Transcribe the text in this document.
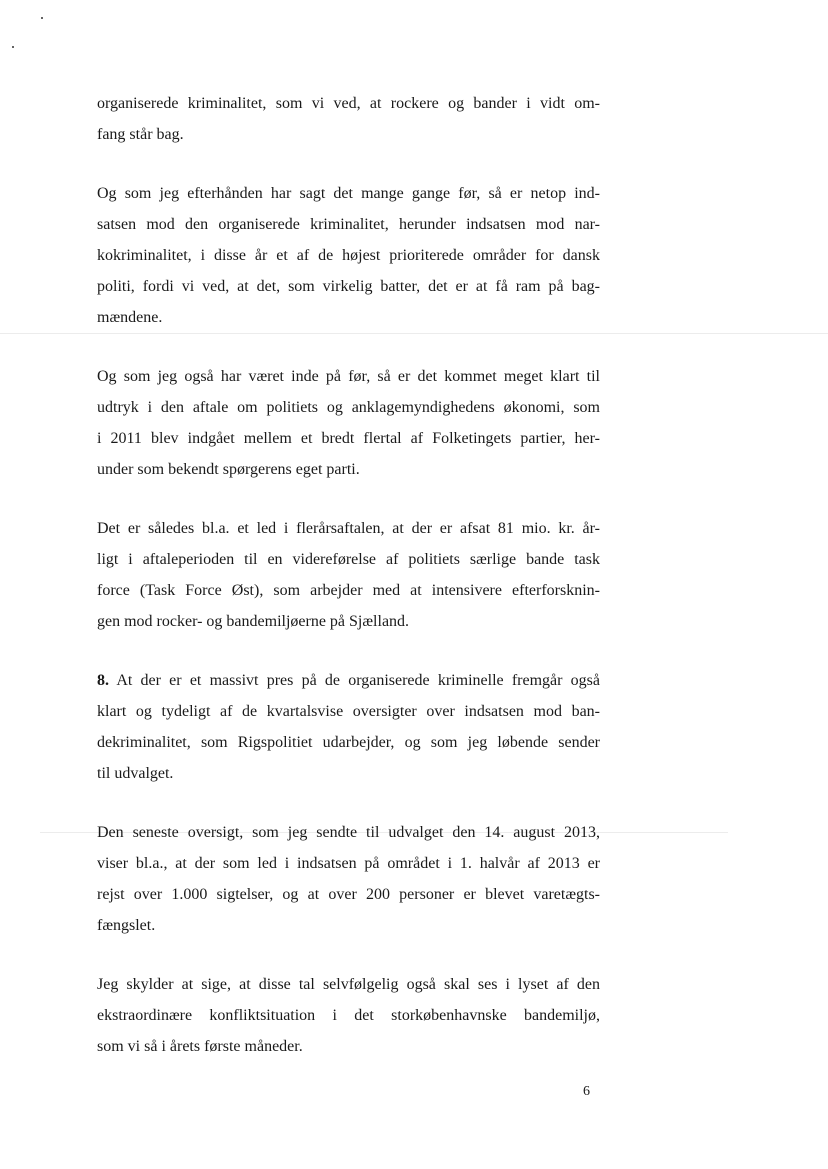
organiserede kriminalitet, som vi ved, at rockere og bander i vidt om-
fang står bag.

Og som jeg efterhånden har sagt det mange gange før, så er netop ind-
satsen mod den organiserede kriminalitet, herunder indsatsen mod nar-
kokriminalitet, i disse år et af de højest prioriterede områder for dansk
politi, fordi vi ved, at det, som virkelig batter, det er at få ram på bag-
mændene.

Og som jeg også har været inde på før, så er det kommet meget klart til
udtryk i den aftale om politiets og anklagemyndighedens økonomi, som
i 2011 blev indgået mellem et bredt flertal af Folketingets partier, her-
under som bekendt spørgerens eget parti.

Det er således bl.a. et led i flerårsaftalen, at der er afsat 81 mio. kr. år-
ligt i aftaleperioden til en videreførelse af politiets særlige bande task
force (Task Force Øst), som arbejder med at intensivere efterforsknin-
gen mod rocker- og bandemiljøerne på Sjælland.

8. At der er et massivt pres på de organiserede kriminelle fremgår også
klart og tydeligt af de kvartalsvise oversigter over indsatsen mod ban-
dekriminalitet, som Rigspolitiet udarbejder, og som jeg løbende sender
til udvalget.

Den seneste oversigt, som jeg sendte til udvalget den 14. august 2013,
viser bl.a., at der som led i indsatsen på området i 1. halvår af 2013 er
rejst over 1.000 sigtelser, og at over 200 personer er blevet varetægts-
fængslet.

Jeg skylder at sige, at disse tal selvfølgelig også skal ses i lyset af den
ekstraordinære konfliktsituation i det storkøbenhavnske bandemiljø,
som vi så i årets første måneder.

6
